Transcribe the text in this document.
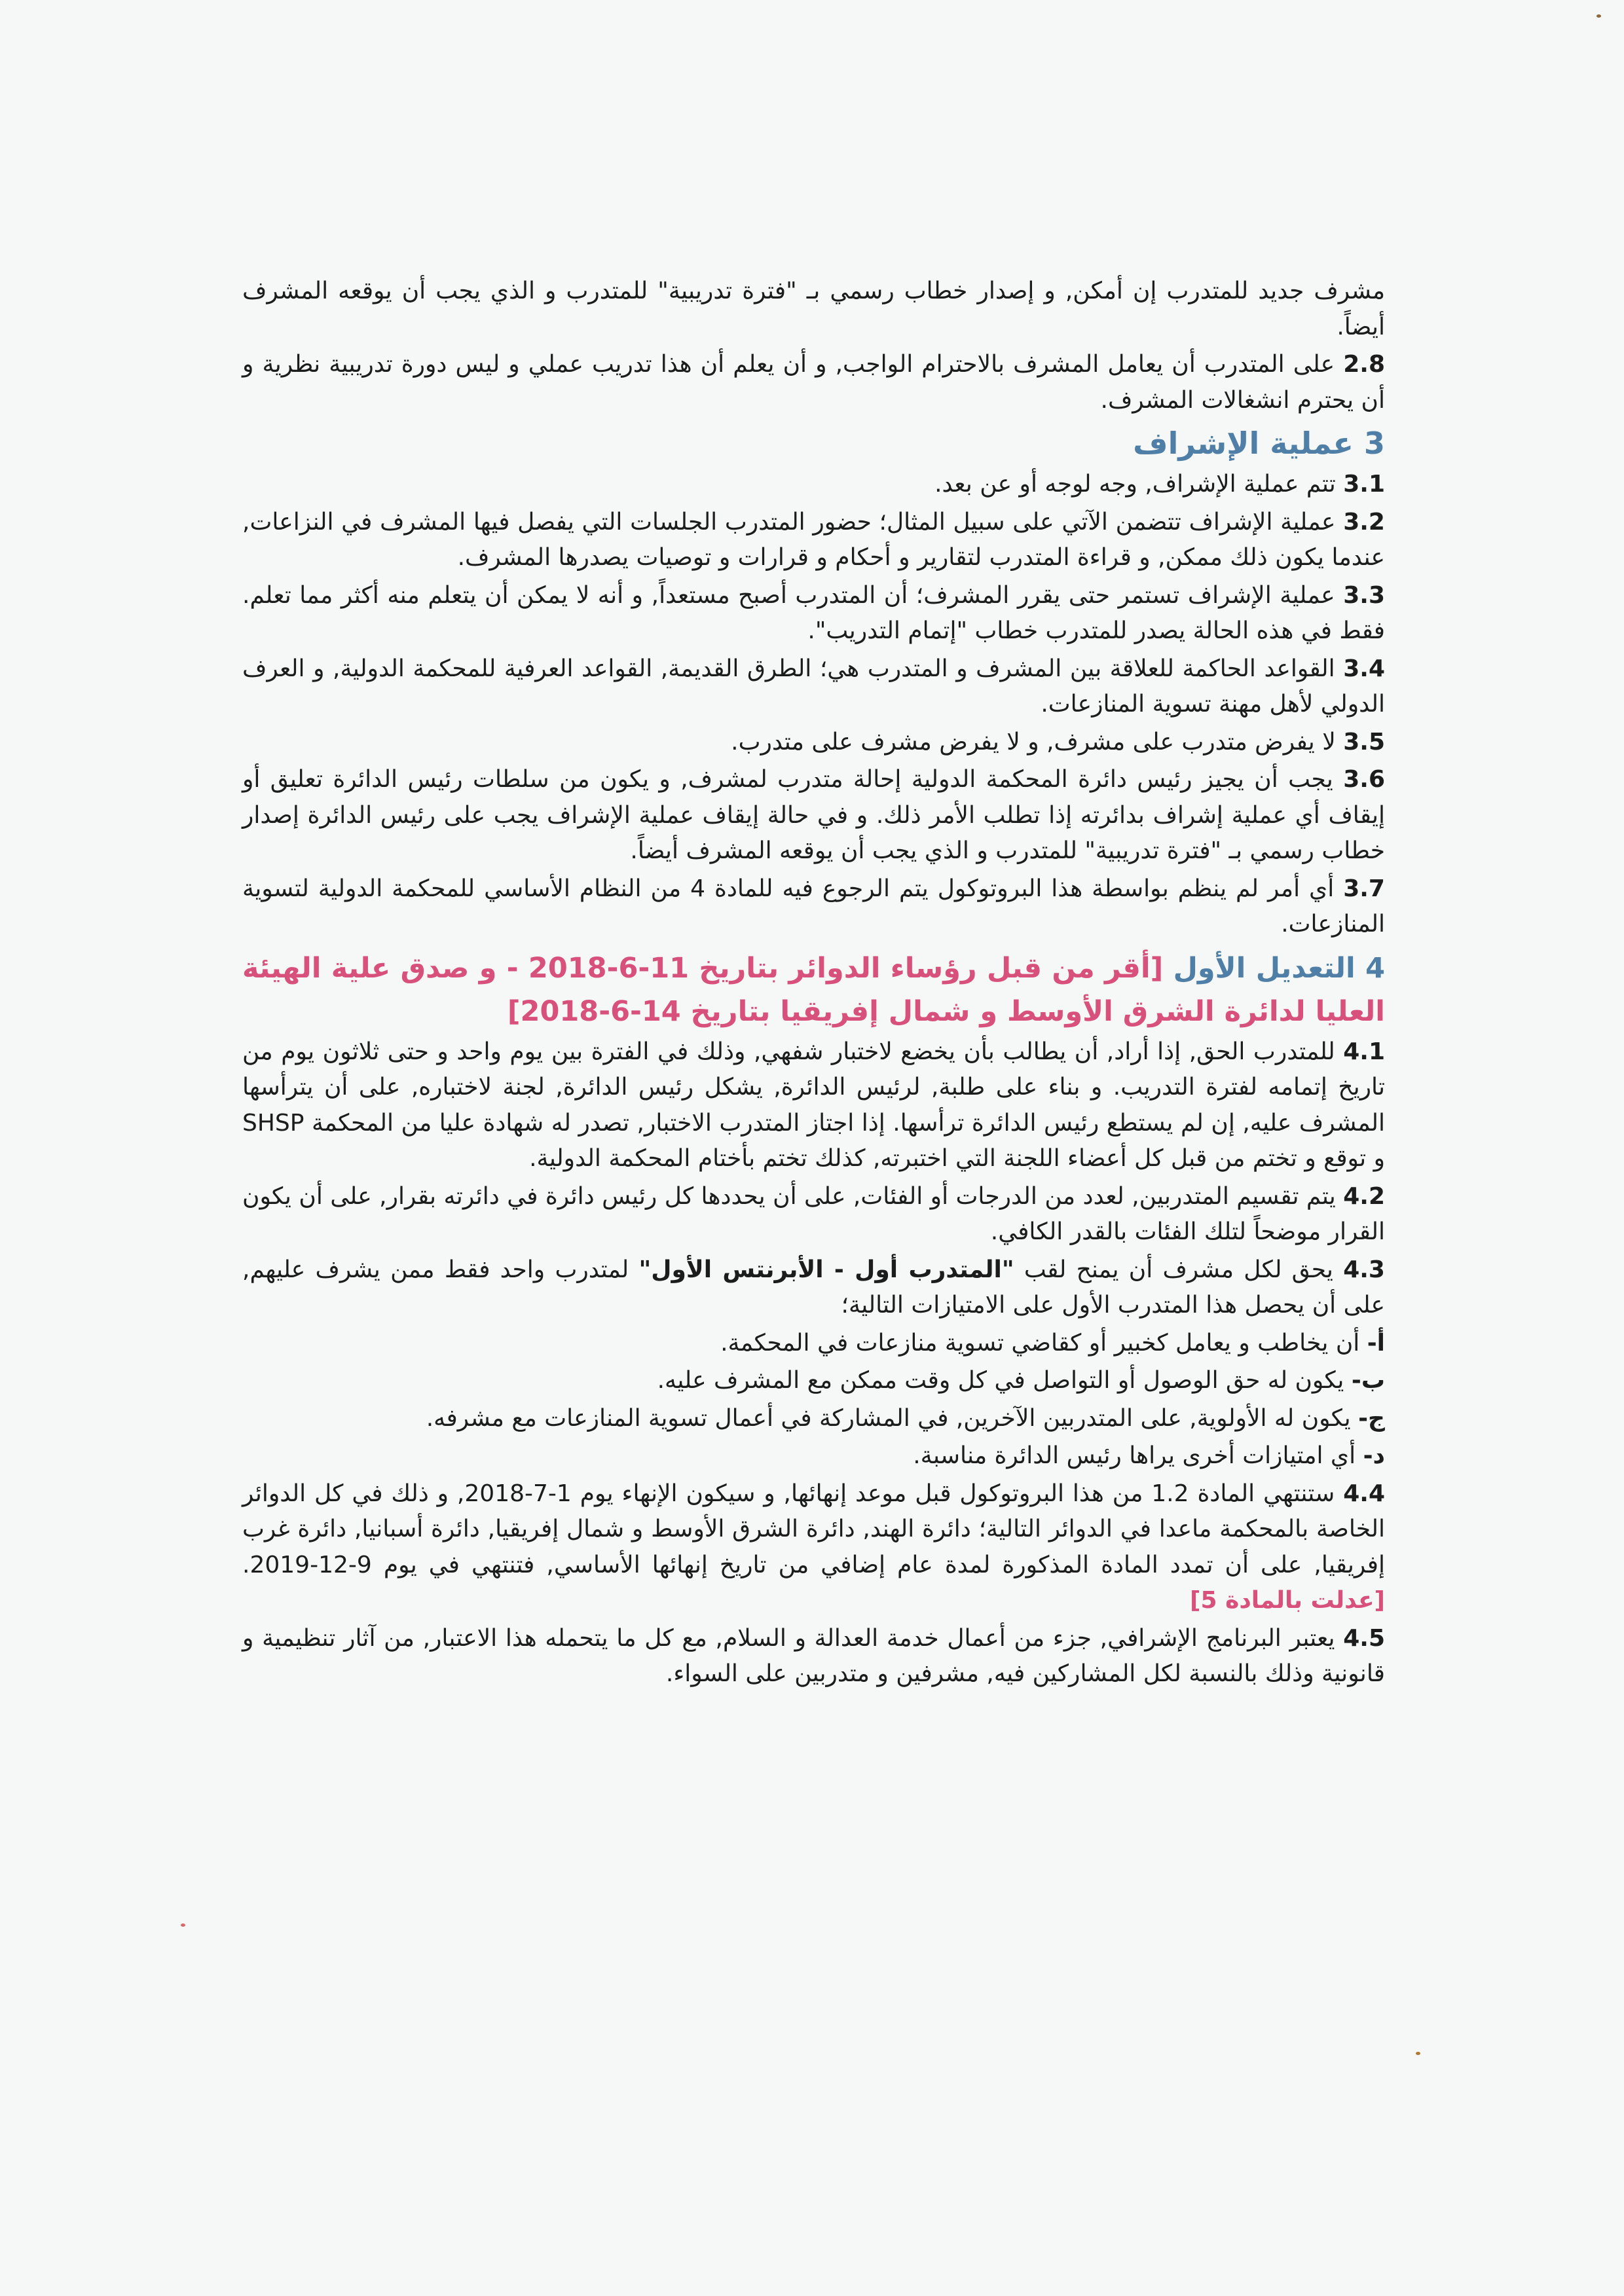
مشرف جديد للمتدرب إن أمكن, و إصدار خطاب رسمي بـ "فترة تدريبية" للمتدرب و الذي يجب أن يوقعه المشرف أيضاً.

2.8 على المتدرب أن يعامل المشرف بالاحترام الواجب, و أن يعلم أن هذا تدريب عملي و ليس دورة تدريبية نظرية و أن يحترم انشغالات المشرف.

3 عملية الإشراف

3.1 تتم عملية الإشراف, وجه لوجه أو عن بعد.

3.2 عملية الإشراف تتضمن الآتي على سبيل المثال؛ حضور المتدرب الجلسات التي يفصل فيها المشرف في النزاعات, عندما يكون ذلك ممكن, و قراءة المتدرب لتقارير و أحكام و قرارات و توصيات يصدرها المشرف.

3.3 عملية الإشراف تستمر حتى يقرر المشرف؛ أن المتدرب أصبح مستعداً, و أنه لا يمكن أن يتعلم منه أكثر مما تعلم. فقط في هذه الحالة يصدر للمتدرب خطاب "إتمام التدريب".

3.4 القواعد الحاكمة للعلاقة بين المشرف و المتدرب هي؛ الطرق القديمة, القواعد العرفية للمحكمة الدولية, و العرف الدولي لأهل مهنة تسوية المنازعات.

3.5 لا يفرض متدرب على مشرف, و لا يفرض مشرف على متدرب.

3.6 يجب أن يجيز رئيس دائرة المحكمة الدولية إحالة متدرب لمشرف, و يكون من سلطات رئيس الدائرة تعليق أو إيقاف أي عملية إشراف بدائرته إذا تطلب الأمر ذلك. و في حالة إيقاف عملية الإشراف يجب على رئيس الدائرة إصدار خطاب رسمي بـ "فترة تدريبية" للمتدرب و الذي يجب أن يوقعه المشرف أيضاً.

3.7 أي أمر لم ينظم بواسطة هذا البروتوكول يتم الرجوع فيه للمادة 4 من النظام الأساسي للمحكمة الدولية لتسوية المنازعات.

4 التعديل الأول [أقر من قبل رؤساء الدوائر بتاريخ 11-6-2018 - و صدق علية الهيئة العليا لدائرة الشرق الأوسط و شمال إفريقيا بتاريخ 14-6-2018]

4.1 للمتدرب الحق, إذا أراد, أن يطالب بأن يخضع لاختبار شفهي, وذلك في الفترة بين يوم واحد و حتى ثلاثون يوم من تاريخ إتمامه لفترة التدريب. و بناء على طلبة, لرئيس الدائرة, يشكل رئيس الدائرة, لجنة لاختباره, على أن يترأسها المشرف عليه, إن لم يستطع رئيس الدائرة ترأسها. إذا اجتاز المتدرب الاختبار, تصدر له شهادة عليا من المحكمة SHSP و توقع و تختم من قبل كل أعضاء اللجنة التي اختبرته, كذلك تختم بأختام المحكمة الدولية.

4.2 يتم تقسيم المتدربين, لعدد من الدرجات أو الفئات, على أن يحددها كل رئيس دائرة في دائرته بقرار, على أن يكون القرار موضحاً لتلك الفئات بالقدر الكافي.

4.3 يحق لكل مشرف أن يمنح لقب "المتدرب أول - الأبرنتس الأول" لمتدرب واحد فقط ممن يشرف عليهم, على أن يحصل هذا المتدرب الأول على الامتيازات التالية؛

أ- أن يخاطب و يعامل كخبير أو كقاضي تسوية منازعات في المحكمة.

ب- يكون له حق الوصول أو التواصل في كل وقت ممكن مع المشرف عليه.

ج- يكون له الأولوية, على المتدربين الآخرين, في المشاركة في أعمال تسوية المنازعات مع مشرفه.

د- أي امتيازات أخرى يراها رئيس الدائرة مناسبة.

4.4 ستنتهي المادة 1.2 من هذا البروتوكول قبل موعد إنهائها, و سيكون الإنهاء يوم 1-7-2018, و ذلك في كل الدوائر الخاصة بالمحكمة ماعدا في الدوائر التالية؛ دائرة الهند, دائرة الشرق الأوسط و شمال إفريقيا, دائرة أسبانيا, دائرة غرب إفريقيا, على أن تمدد المادة المذكورة لمدة عام إضافي من تاريخ إنهائها الأساسي, فتنتهي في يوم 9-12-2019. [عدلت بالمادة 5]

4.5 يعتبر البرنامج الإشرافي, جزء من أعمال خدمة العدالة و السلام, مع كل ما يتحمله هذا الاعتبار, من آثار تنظيمية و قانونية وذلك بالنسبة لكل المشاركين فيه, مشرفين و متدربين على السواء.
